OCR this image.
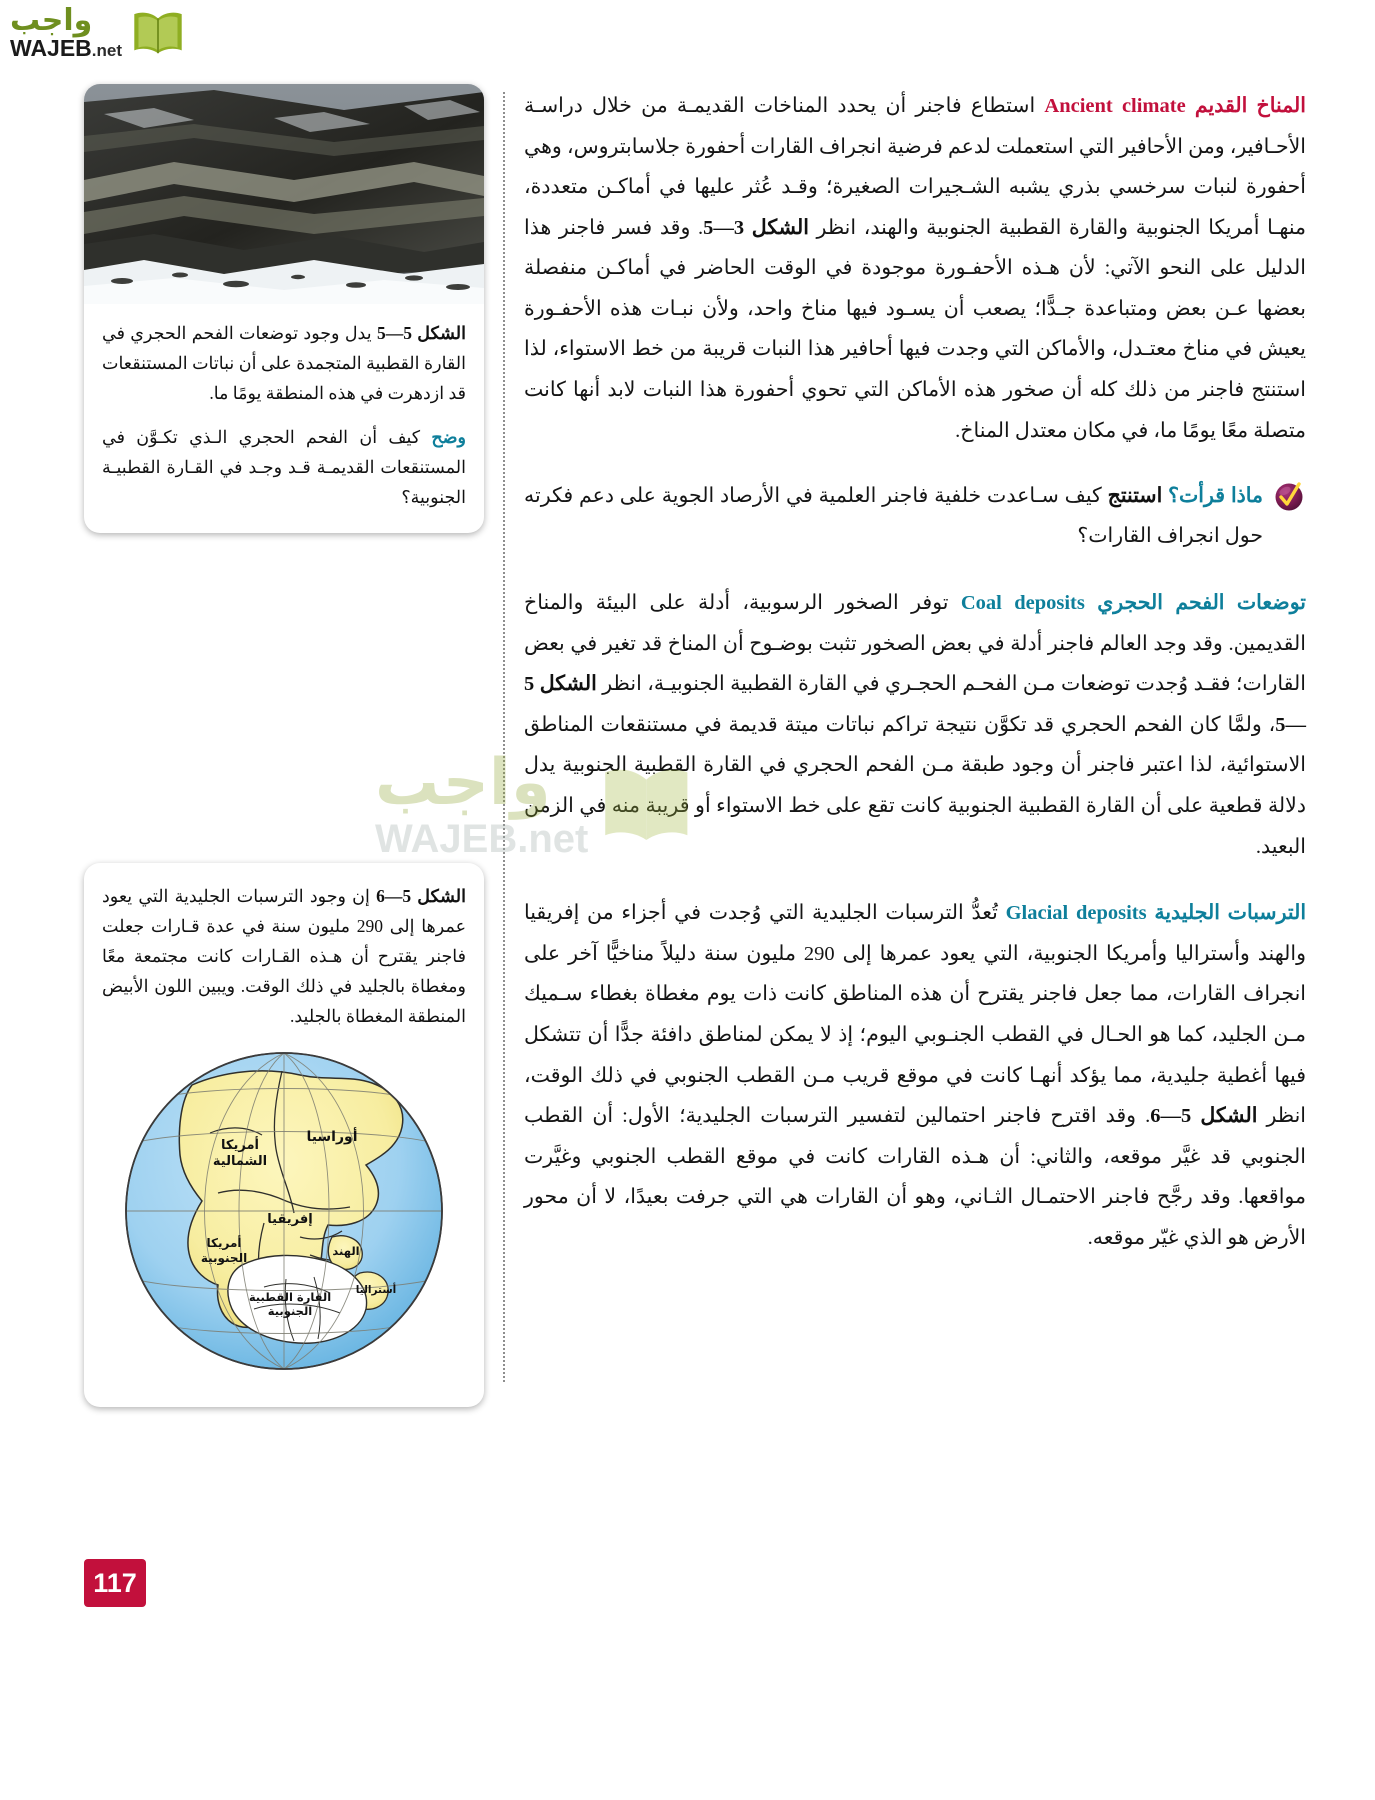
واجب
WAJEB.net
الشكل 5—5 يدل وجود توضعات الفحم الحجري في القارة القطبية المتجمدة على أن نباتات المستنقعات قد ازدهرت في هذه المنطقة يومًا ما.
وضح كيف أن الفحم الحجري الـذي تكـوَّن في المستنقعات القديمـة قـد وجـد في القـارة القطبيـة الجنوبية؟
الشكل 5—6 إن وجود الترسبات الجليدية التي يعود عمرها إلى 290 مليون سنة في عدة قـارات جعلت فاجنر يقترح أن هـذه القـارات كانت مجتمعة معًا ومغطاة بالجليد في ذلك الوقت. ويبين اللون الأبيض المنطقة المغطاة بالجليد.
أوراسيا
أمريكا
الشمالية
إفريقيا
أمريكا
الجنوبية	الهند
القارة القطبية
الجنوبية
أستراليا

المناخ القديم Ancient climate استطاع فاجنر أن يحدد المناخات القديمـة من خلال دراسـة الأحـافير، ومن الأحافير التي استعملت لدعم فرضية انجراف القارات أحفورة جلاسابتروس، وهي أحفورة لنبات سرخسي بذري يشبه الشـجيرات الصغيرة؛ وقـد عُثر عليها في أماكـن متعددة، منهـا أمريكا الجنوبية والقارة القطبية الجنوبية والهند، انظر الشكل 3—5. وقد فسر فاجنر هذا الدليل على النحو الآتي: لأن هـذه الأحفـورة موجودة في الوقت الحاضر في أماكـن منفصلة بعضها عـن بعض ومتباعدة جـدًّا؛ يصعب أن يسـود فيها مناخ واحد، ولأن نبـات هذه الأحفـورة يعيش في مناخ معتـدل، والأماكن التي وجدت فيها أحافير هذا النبات قريبة من خط الاستواء، لذا استنتج فاجنر من ذلك كله أن صخور هذه الأماكن التي تحوي أحفورة هذا النبات لابد أنها كانت متصلة معًا يومًا ما، في مكان معتدل المناخ.

ماذا قرأت؟ استنتج كيف سـاعدت خلفية فاجنر العلمية في الأرصاد الجوية على دعم فكرته حول انجراف القارات؟

توضعات الفحم الحجري Coal deposits توفر الصخور الرسوبية، أدلة على البيئة والمناخ القديمين. وقد وجد العالم فاجنر أدلة في بعض الصخور تثبت بوضـوح أن المناخ قد تغير في بعض القارات؛ فقـد وُجدت توضعات مـن الفحـم الحجـري في القارة القطبية الجنوبيـة، انظر الشكل 5—5، ولمَّا كان الفحم الحجري قد تكوَّن نتيجة تراكم نباتات ميتة قديمة في مستنقعات المناطق الاستوائية، لذا اعتبر فاجنر أن وجود طبقة مـن الفحم الحجري في القارة القطبية الجنوبية يدل دلالة قطعية على أن القارة القطبية الجنوبية كانت تقع على خط الاستواء أو قريبة منه في الزمن البعيد.

الترسبات الجليدية Glacial deposits تُعدُّ الترسبات الجليدية التي وُجدت في أجزاء من إفريقيا والهند وأستراليا وأمريكا الجنوبية، التي يعود عمرها إلى 290 مليون سنة دليلاً مناخيًّا آخر على انجراف القارات، مما جعل فاجنر يقترح أن هذه المناطق كانت ذات يوم مغطاة بغطاء سـميك مـن الجليد، كما هو الحـال في القطب الجنـوبي اليوم؛ إذ لا يمكن لمناطق دافئة جدًّا أن تتشكل فيها أغطية جليدية، مما يؤكد أنهـا كانت في موقع قريب مـن القطب الجنوبي في ذلك الوقت، انظر الشكل 5—6. وقد اقترح فاجنر احتمالين لتفسير الترسبات الجليدية؛ الأول: أن القطب الجنوبي قد غيَّر موقعه، والثاني: أن هـذه القارات كانت في موقع القطب الجنوبي وغيَّرت مواقعها. وقد رجَّح فاجنر الاحتمـال الثـاني، وهو أن القارات هي التي جرفت بعيدًا، لا أن محور الأرض هو الذي غيّر موقعه.

117
واجب
WAJEB.net
